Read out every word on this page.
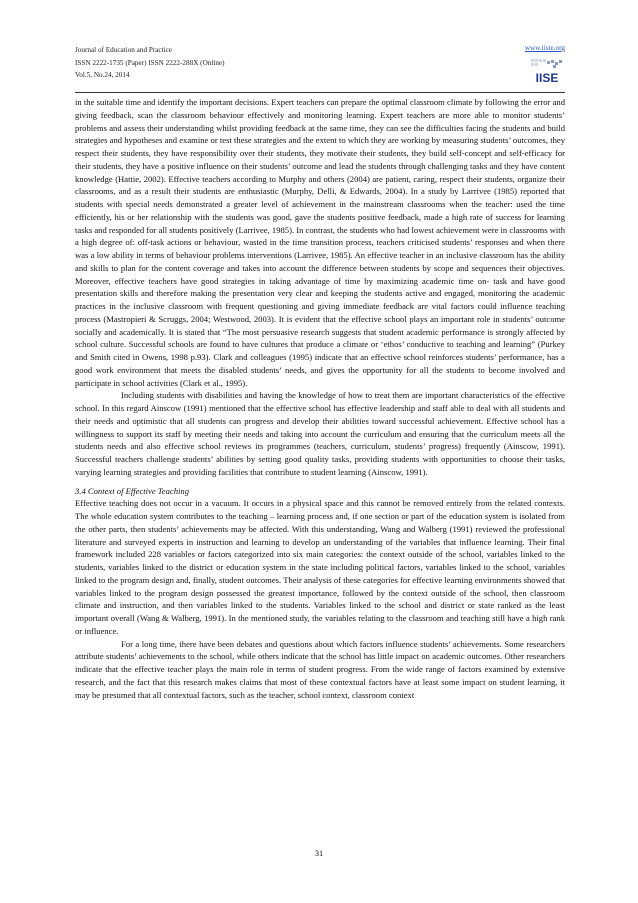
Journal of Education and Practice
ISSN 2222-1735 (Paper) ISSN 2222-288X (Online)
Vol.5, No.24, 2014
www.iiste.org
IISE

in the suitable time and identify the important decisions. Expert teachers can prepare the optimal classroom climate by following the error and giving feedback, scan the classroom behaviour effectively and monitoring learning. Expert teachers are more able to monitor students’ problems and assess their understanding whilst providing feedback at the same time, they can see the difficulties facing the students and build strategies and hypotheses and examine or test these strategies and the extent to which they are working by measuring students’ outcomes, they respect their students, they have responsibility over their students, they motivate their students, they build self-concept and self-efficacy for their students, they have a positive influence on their students’ outcome and lead the students through challenging tasks and they have content knowledge (Hattie, 2002). Effective teachers according to Murphy and others (2004) are patient, caring, respect their students, organize their classrooms, and as a result their students are enthusiastic (Murphy, Delli, & Edwards, 2004). In a study by Larrivee (1985) reported that students with special needs demonstrated a greater level of achievement in the mainstream classrooms when the teacher: used the time efficiently, his or her relationship with the students was good, gave the students positive feedback, made a high rate of success for learning tasks and responded for all students positively (Larrivee, 1985). In contrast, the students who had lowest achievement were in classrooms with a high degree of: off-task actions or behaviour, wasted in the time transition process, teachers criticised students’ responses and when there was a low ability in terms of behaviour problems interventions (Larrivee, 1985). An effective teacher in an inclusive classroom has the ability and skills to plan for the content coverage and takes into account the difference between students by scope and sequences their objectives. Moreover, effective teachers have good strategies in taking advantage of time by maximizing academic time on- task and have good presentation skills and therefore making the presentation very clear and keeping the students active and engaged, monitoring the academic practices in the inclusive classroom with frequent questioning and giving immediate feedback are vital factors could influence teaching process (Mastropieri & Scruggs, 2004; Westwood, 2003). It is evident that the effective school plays an important role in students’ outcome socially and academically. It is stated that “The most persuasive research suggests that student academic performance is strongly affected by school culture. Successful schools are found to have cultures that produce a climate or ‘ethos’ conductive to teaching and learning” (Purkey and Smith cited in Owens, 1998 p.93). Clark and colleagues (1995) indicate that an effective school reinforces students’ performance, has a good work environment that meets the disabled students’ needs, and gives the opportunity for all the students to become involved and participate in school activities (Clark et al., 1995).

Including students with disabilities and having the knowledge of how to treat them are important characteristics of the effective school. In this regard Ainscow (1991) mentioned that the effective school has effective leadership and staff able to deal with all students and their needs and optimistic that all students can progress and develop their abilities toward successful achievement. Effective school has a willingness to support its staff by meeting their needs and taking into account the curriculum and ensuring that the curriculum meets all the students needs and also effective school reviews its programmes (teachers, curriculum, students’ progress) frequently (Ainscow, 1991). Successful teachers challenge students’ abilities by setting good quality tasks, providing students with opportunities to choose their tasks, varying learning strategies and providing facilities that contribute to student learning (Ainscow, 1991).

3.4 Context of Effective Teaching

Effective teaching does not occur in a vacuum. It occurs in a physical space and this cannot be removed entirely from the related contexts. The whole education system contributes to the teaching – learning process and, if one section or part of the education system is isolated from the other parts, then students’ achievements may be affected. With this understanding, Wang and Walberg (1991) reviewed the professional literature and surveyed experts in instruction and learning to develop an understanding of the variables that influence learning. Their final framework included 228 variables or factors categorized into six main categories: the context outside of the school, variables linked to the students, variables linked to the district or education system in the state including political factors, variables linked to the school, variables linked to the program design and, finally, student outcomes. Their analysis of these categories for effective learning environments showed that variables linked to the program design possessed the greatest importance, followed by the context outside of the school, then classroom climate and instruction, and then variables linked to the students. Variables linked to the school and district or state ranked as the least important overall (Wang & Walberg, 1991). In the mentioned study, the variables relating to the classroom and teaching still have a high rank or influence.

For a long time, there have been debates and questions about which factors influence students’ achievements. Some researchers attribute students’ achievements to the school, while others indicate that the school has little impact on academic outcomes. Other researchers indicate that the effective teacher plays the main role in terms of student progress. From the wide range of factors examined by extensive research, and the fact that this research makes claims that most of these contextual factors have at least some impact on student learning, it may be presumed that all contextual factors, such as the teacher, school context, classroom context

31
